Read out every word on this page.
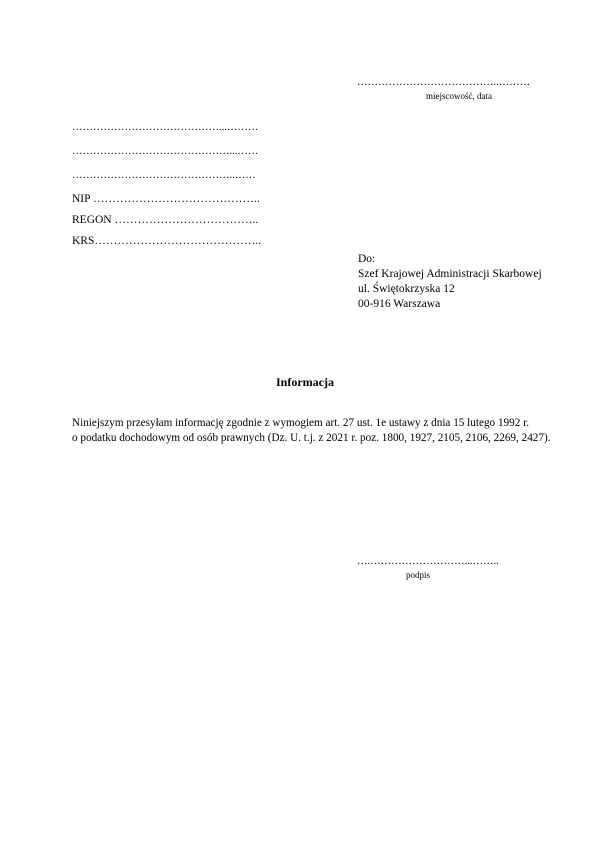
…………………………………..………
miejscowość, data
……………………………………...………
………………………………………...……
………………………………………..……
NIP ……………………………………..
REGON ………………………………..
KRS……………………………………..
Do:
Szef Krajowej Administracji Skarbowej
ul. Świętokrzyska 12
00-916 Warszawa
Informacja
Niniejszym przesyłam informację zgodnie z wymogiem art. 27 ust. 1e ustawy z dnia 15 lutego 1992 r.
o podatku dochodowym od osób prawnych (Dz. U. t.j. z 2021 r. poz. 1800, 1927, 2105, 2106, 2269, 2427).
….………………………...……..
podpis
